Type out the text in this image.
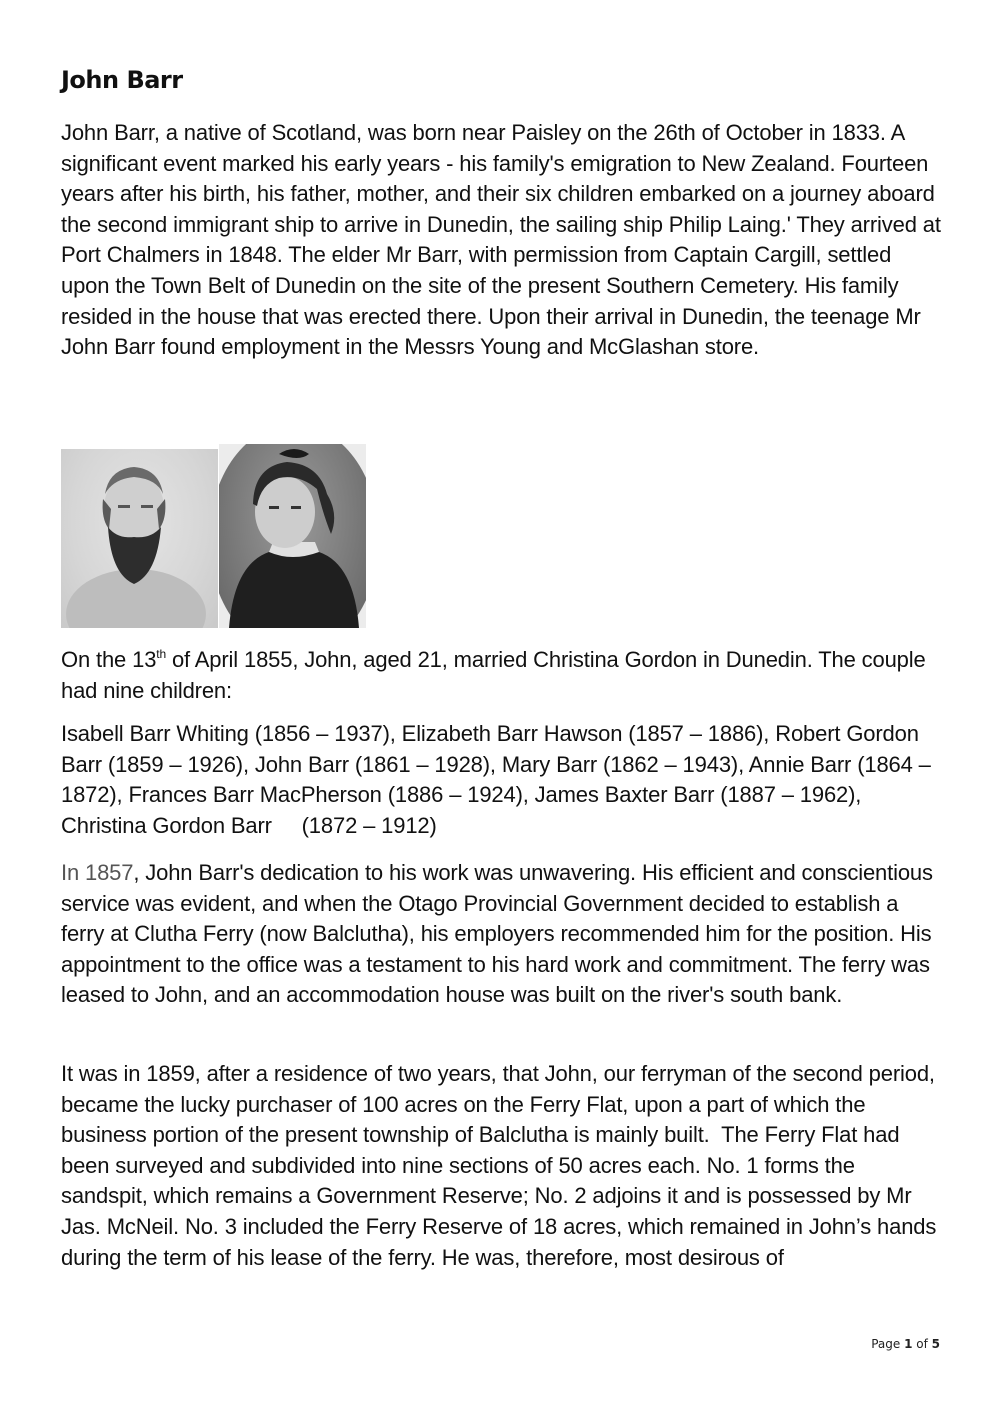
John Barr

John Barr, a native of Scotland, was born near Paisley on the 26th of October in 1833. A significant event marked his early years - his family's emigration to New Zealand. Fourteen years after his birth, his father, mother, and their six children embarked on a journey aboard the second immigrant ship to arrive in Dunedin, the sailing ship Philip Laing.' They arrived at Port Chalmers in 1848. The elder Mr Barr, with permission from Captain Cargill, settled upon the Town Belt of Dunedin on the site of the present Southern Cemetery. His family resided in the house that was erected there. Upon their arrival in Dunedin, the teenage Mr John Barr found employment in the Messrs Young and McGlashan store.

On the 13th of April 1855, John, aged 21, married Christina Gordon in Dunedin. The couple had nine children:

Isabell Barr Whiting (1856 – 1937), Elizabeth Barr Hawson (1857 – 1886), Robert Gordon Barr (1859 – 1926), John Barr (1861 – 1928), Mary Barr (1862 – 1943), Annie Barr (1864 – 1872), Frances Barr MacPherson (1886 – 1924), James Baxter Barr (1887 – 1962), Christina Gordon Barr     (1872 – 1912)

In 1857, John Barr's dedication to his work was unwavering. His efficient and conscientious service was evident, and when the Otago Provincial Government decided to establish a ferry at Clutha Ferry (now Balclutha), his employers recommended him for the position. His appointment to the office was a testament to his hard work and commitment. The ferry was leased to John, and an accommodation house was built on the river's south bank.

It was in 1859, after a residence of two years, that John, our ferryman of the second period, became the lucky purchaser of 100 acres on the Ferry Flat, upon a part of which the business portion of the present township of Balclutha is mainly built.  The Ferry Flat had been surveyed and subdivided into nine sections of 50 acres each. No. 1 forms the sandspit, which remains a Government Reserve; No. 2 adjoins it and is possessed by Mr Jas. McNeil. No. 3 included the Ferry Reserve of 18 acres, which remained in John’s hands during the term of his lease of the ferry. He was, therefore, most desirous of

Page 1 of 5
